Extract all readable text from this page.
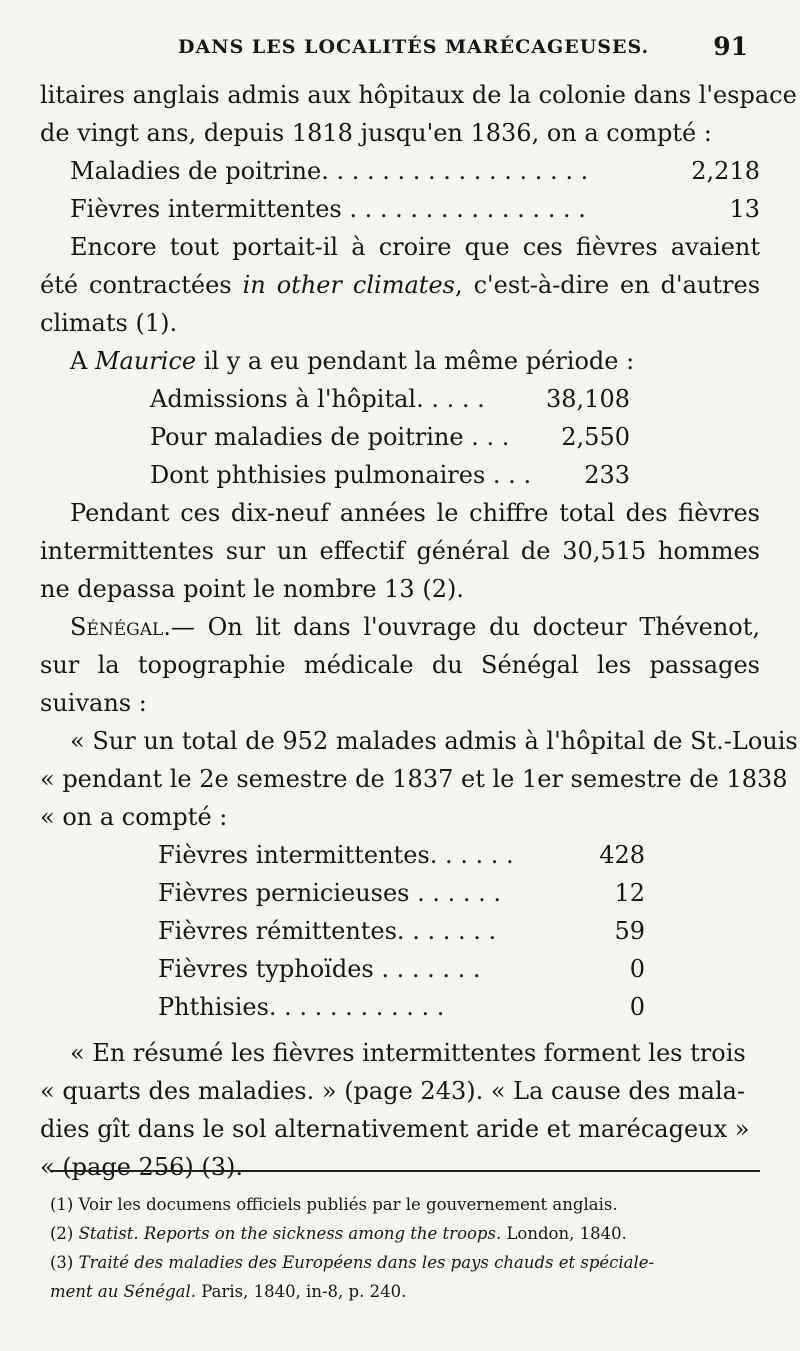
DANS LES LOCALITÉS MARÉCAGEUSES.	91

litaires anglais admis aux hôpitaux de la colonie dans l'espace

de vingt ans, depuis 1818 jusqu'en 1836, on a compté :

Maladies de poitrine. . . . . . . . . . . . . . . . . .	2,218
Fièvres intermittentes . . . . . . . . . . . . . . . .	13

Encore tout portait-il à croire que ces fièvres avaient été contractées in other climates, c'est-à-dire en d'autres climats (1).

A Maurice il y a eu pendant la même période :

Admissions à l'hôpital. . . . .	38,108
Pour maladies de poitrine . . .	2,550
Dont phthisies pulmonaires . . .	233

Pendant ces dix-neuf années le chiffre total des fièvres intermittentes sur un effectif général de 30,515 hommes ne depassa point le nombre 13 (2).

Sénégal.— On lit dans l'ouvrage du docteur Thévenot, sur la topographie médicale du Sénégal les passages suivans :

« Sur un total de 952 malades admis à l'hôpital de St.-Louis

« pendant le 2e semestre de 1837 et le 1er semestre de 1838

« on a compté :

Fièvres intermittentes. . . . . .	428
Fièvres pernicieuses . . . . . .	12
Fièvres rémittentes. . . . . . .	59
Fièvres typhoïdes . . . . . . .	0
Phthisies. . . . . . . . . . . .	0

« En résumé les fièvres intermittentes forment les trois

« quarts des maladies. » (page 243). « La cause des mala-

dies gît dans le sol alternativement aride et marécageux »

« (page 256) (3).

(1) Voir les documens officiels publiés par le gouvernement anglais.

(2) Statist. Reports on the sickness among the troops. London, 1840.

(3) Traité des maladies des Européens dans les pays chauds et spéciale-

ment au Sénégal. Paris, 1840, in-8, p. 240.
